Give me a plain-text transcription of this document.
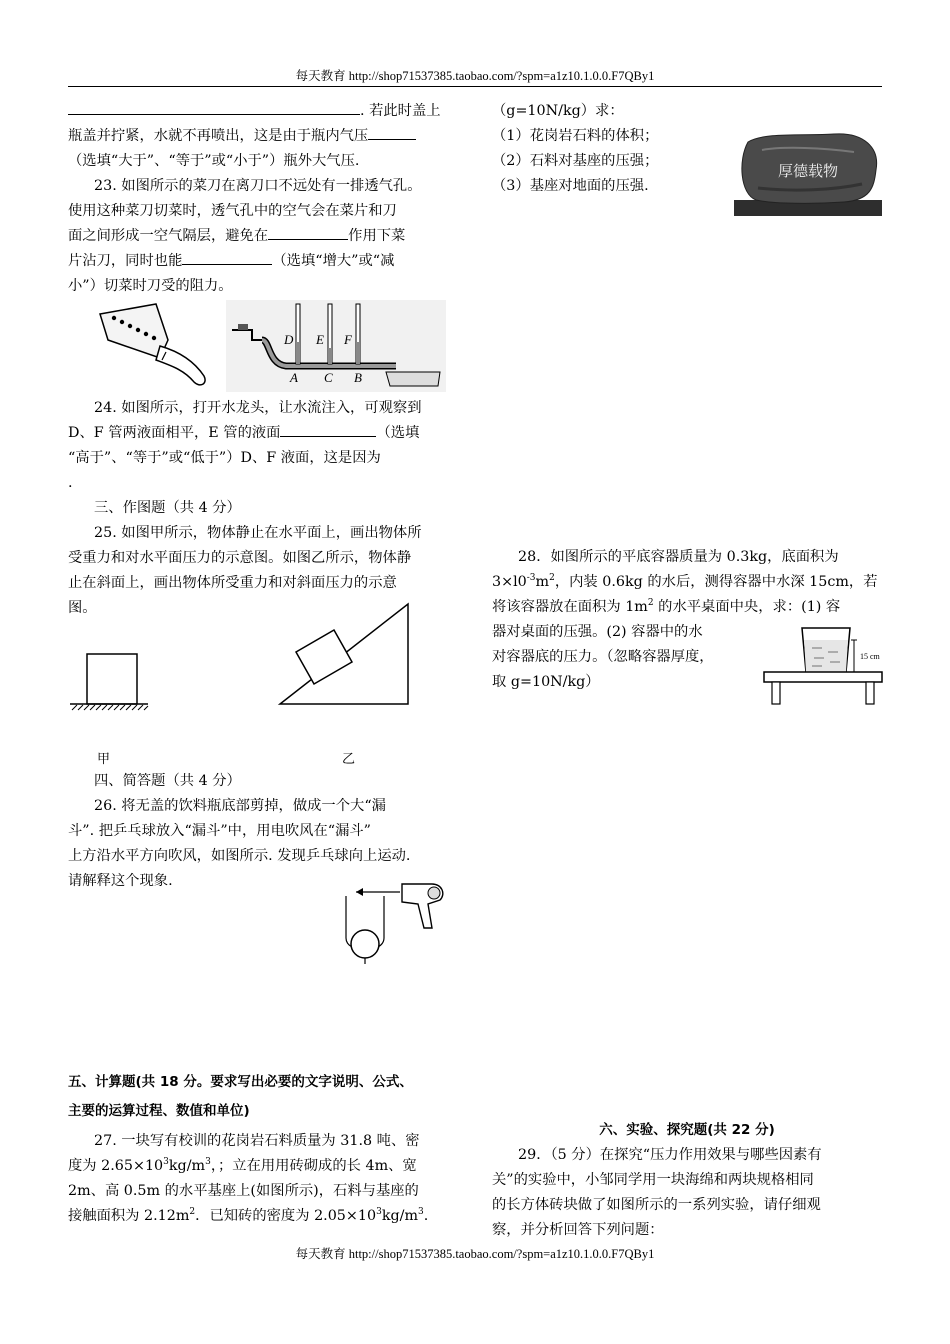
每天教育 http://shop71537385.taobao.com/?spm=a1z10.1.0.0.F7QBy1
. 若此时盖上
瓶盖并拧紧，水就不再喷出，这是由于瓶内气压
（选填“大于”、“等于”或“小于”）瓶外大气压.
23. 如图所示的菜刀在离刀口不远处有一排透气孔。
使用这种菜刀切菜时，透气孔中的空气会在菜片和刀
面之间形成一空气隔层，避免在	作用下菜
片沾刀，同时也能	（选填“增大”或“减
小”）切菜时刀受的阻力。
D E F
A C B
24. 如图所示，打开水龙头，让水流注入，可观察到
D、F 管两液面相平，E 管的液面	（选填
“高于”、“等于”或“低于”）D、F 液面，这是因为
.
三、作图题（共 4 分）
25. 如图甲所示，物体静止在水平面上，画出物体所
受重力和对水平面压力的示意图。如图乙所示，物体静
止在斜面上，画出物体所受重力和对斜面压力的示意
图。
甲	乙
四、简答题（共 4 分）
26. 将无盖的饮料瓶底部剪掉，做成一个大“漏
斗”. 把乒乓球放入“漏斗”中，用电吹风在“漏斗”
上方沿水平方向吹风，如图所示. 发现乒乓球向上运动.
请解释这个现象.
五、计算题(共 18 分。要求写出必要的文字说明、公式、
主要的运算过程、数值和单位)
27. 一块写有校训的花岗岩石料质量为 31.8 吨、密
度为 $2.65\times 10^3kg/m^3$，；立在用用砖砌成的长 4m、宽
2m、高 0.5m 的水平基座上(如图所示)，石料与基座的
接触面积为 $2.12m^2$．已知砖的密度为 $2.05\times 10^3kg/m^3$.
（g=10N/kg）求：
（1）花岗岩石料的体积；
（2）石料对基座的压强；
（3）基座对地面的压强.
厚德载物
28．如图所示的平底容器质量为 0.3kg，底面积为
$3\times l0^{-3}m^2$，内装 0.6kg 的水后，测得容器中水深 15cm，若
将该容器放在面积为 $1m^2$ 的水平桌面中央，求：(1) 容
器对桌面的压强。(2) 容器中的水
对容器底的压力。（忽略容器厚度，
取 g=10N/kg）
15 cm
六、实验、探究题(共 22 分)
29．（5 分）在探究“压力作用效果与哪些因素有
关”的实验中，小邹同学用一块海绵和两块规格相同
的长方体砖块做了如图所示的一系列实验，请仔细观
察，并分析回答下列问题：
每天教育 http://shop71537385.taobao.com/?spm=a1z10.1.0.0.F7QBy1
